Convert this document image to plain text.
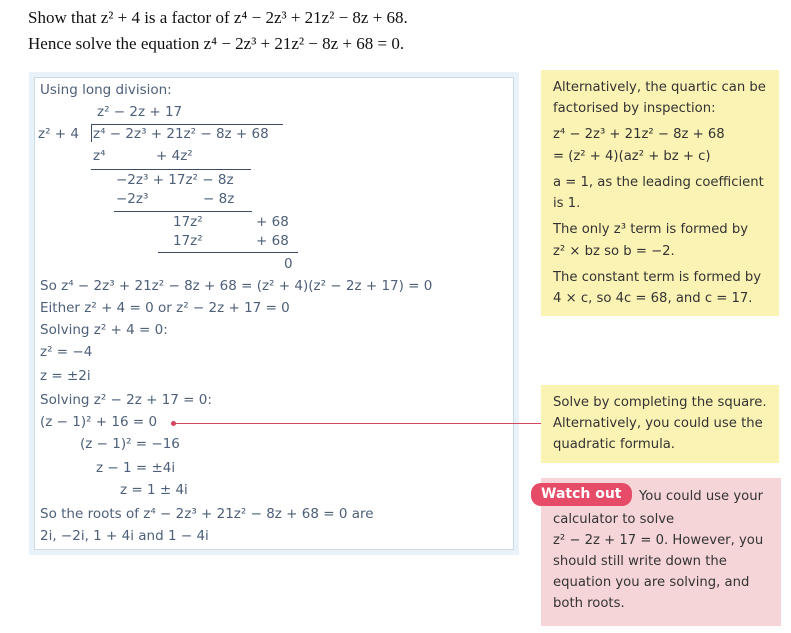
Show that z² + 4 is a factor of z⁴ − 2z³ + 21z² − 8z + 68.
Hence solve the equation z⁴ − 2z³ + 21z² − 8z + 68 = 0.
Using long division:
z² − 2z + 17
z² + 4 z⁴ − 2z³ + 21z² − 8z + 68
z⁴	+ 4z²
−2z³ + 17z² − 8z
−2z³	− 8z
17z²	+ 68
17z²	+ 68
0
So z⁴ − 2z³ + 21z² − 8z + 68 = (z² + 4)(z² − 2z + 17) = 0
Either z² + 4 = 0 or z² − 2z + 17 = 0
Solving z² + 4 = 0:
z² = −4
z = ±2i
Solving z² − 2z + 17 = 0:
(z − 1)² + 16 = 0
(z − 1)² = −16
z − 1 = ±4i
z = 1 ± 4i
So the roots of z⁴ − 2z³ + 21z² − 8z + 68 = 0 are
2i, −2i, 1 + 4i and 1 − 4i

Alternatively, the quartic can be

factorised by inspection:

z⁴ − 2z³ + 21z² − 8z + 68

= (z² + 4)(az² + bz + c)

a = 1, as the leading coefficient

is 1.

The only z³ term is formed by

z² × bz so b = −2.

The constant term is formed by

4 × c, so 4c = 68, and c = 17.

Solve by completing the square.

Alternatively, you could use the

quadratic formula.

Watch out	You could use your

calculator to solve

z² − 2z + 17 = 0. However, you

should still write down the

equation you are solving, and

both roots.
